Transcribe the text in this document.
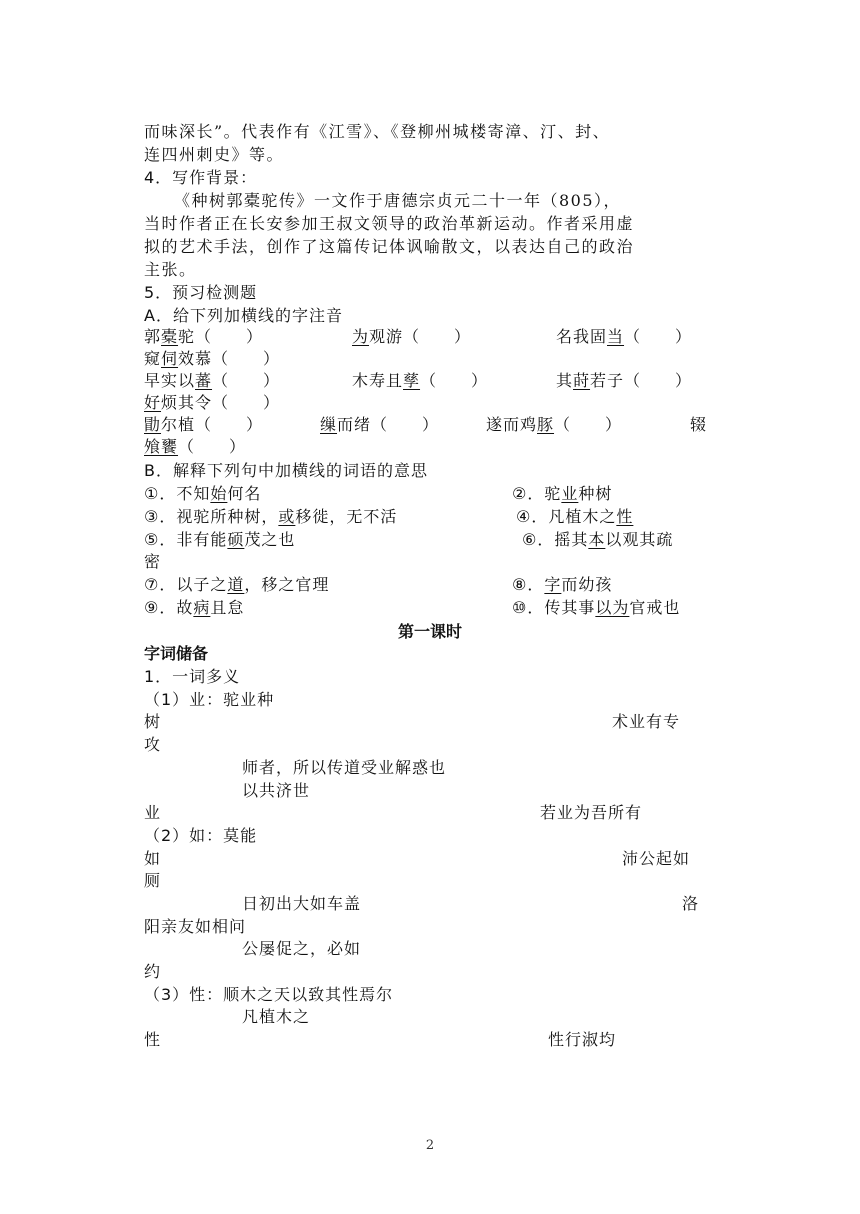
而味深长”。代表作有《江雪》、《登柳州城楼寄漳、汀、封、
连四州刺史》等。
4．写作背景：
《种树郭橐驼传》一文作于唐德宗贞元二十一年（805），
当时作者正在长安参加王叔文领导的政治革新运动。作者采用虚
拟的艺术手法，创作了这篇传记体讽喻散文，以表达自己的政治
主张。
5．预习检测题
A．给下列加横线的字注音
郭橐驼（　　）	为观游（　　）	名我固当（　　）
窥伺效慕（　　）
早实以蕃（　　）	木寿且孳（　　）	其莳若子（　　）
好烦其令（　　）
勖尔植（　　）	缫而绪（　　）	遂而鸡豚（　　）	辍
飧饔（　　）
B．解释下列句中加横线的词语的意思
①．不知始何名	②．驼业种树
③．视驼所种树，或移徙，无不活	④．凡植木之性
⑤．非有能硕茂之也	⑥．摇其本以观其疏
密
⑦．以子之道，移之官理	⑧．字而幼孩
⑨．故病且怠	⑩．传其事以为官戒也
第一课时
字词储备
1．一词多义
（1）业：驼业种
树	术业有专
攻
师者，所以传道受业解惑也
以共济世
业	若业为吾所有
（2）如：莫能
如	沛公起如
厕
日初出大如车盖	洛
阳亲友如相问
公屡促之，必如
约
（3）性：顺木之天以致其性焉尔
凡植木之
性	性行淑均
2
